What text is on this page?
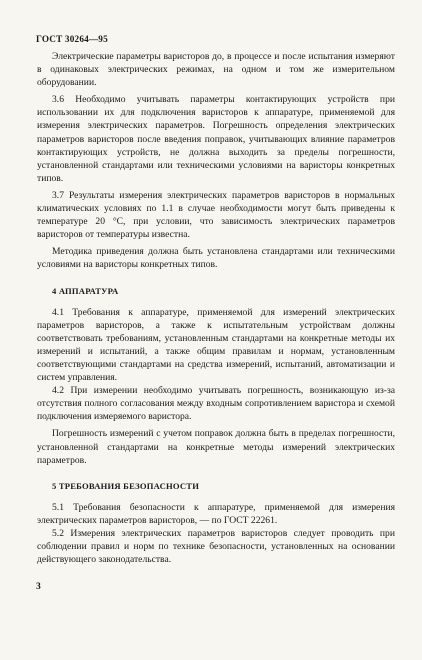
ГОСТ 30264—95

Электрические параметры варисторов до, в процессе и после испытания измеряют в одинаковых электрических режимах, на одном и том же измерительном оборудовании.

3.6 Необходимо учитывать параметры контактирующих устройств при использовании их для подключения варисторов к аппаратуре, применяемой для измерения электрических параметров. Погрешность определения электрических параметров варисторов после введения поправок, учитывающих влияние параметров контактирующих устройств, не должна выходить за пределы погрешности, установленной стандартами или техническими условиями на варисторы конкретных типов.

3.7 Результаты измерения электрических параметров варисторов в нормальных климатических условиях по 1.1 в случае необходимости могут быть приведены к температуре 20 °С, при условии, что зависимость электрических параметров варисторов от температуры известна.

Методика приведения должна быть установлена стандартами или техническими условиями на варисторы конкретных типов.

4 АППАРАТУРА

4.1 Требования к аппаратуре, применяемой для измерений электрических параметров варисторов, а также к испытательным устройствам должны соответствовать требованиям, установленным стандартами на конкретные методы их измерений и испытаний, а также общим правилам и нормам, установленным соответствующими стандартами на средства измерений, испытаний, автоматизации и систем управления.

4.2 При измерении необходимо учитывать погрешность, возникающую из-за отсутствия полного согласования между входным сопротивлением варистора и схемой подключения измеряемого варистора.

Погрешность измерений с учетом поправок должна быть в пределах погрешности, установленной стандартами на конкретные методы измерений электрических параметров.

5 ТРЕБОВАНИЯ БЕЗОПАСНОСТИ

5.1 Требования безопасности к аппаратуре, применяемой для измерения электрических параметров варисторов, — по ГОСТ 22261.

5.2 Измерения электрических параметров варисторов следует проводить при соблюдении правил и норм по технике безопасности, установленных на основании действующего законодательства.

3
